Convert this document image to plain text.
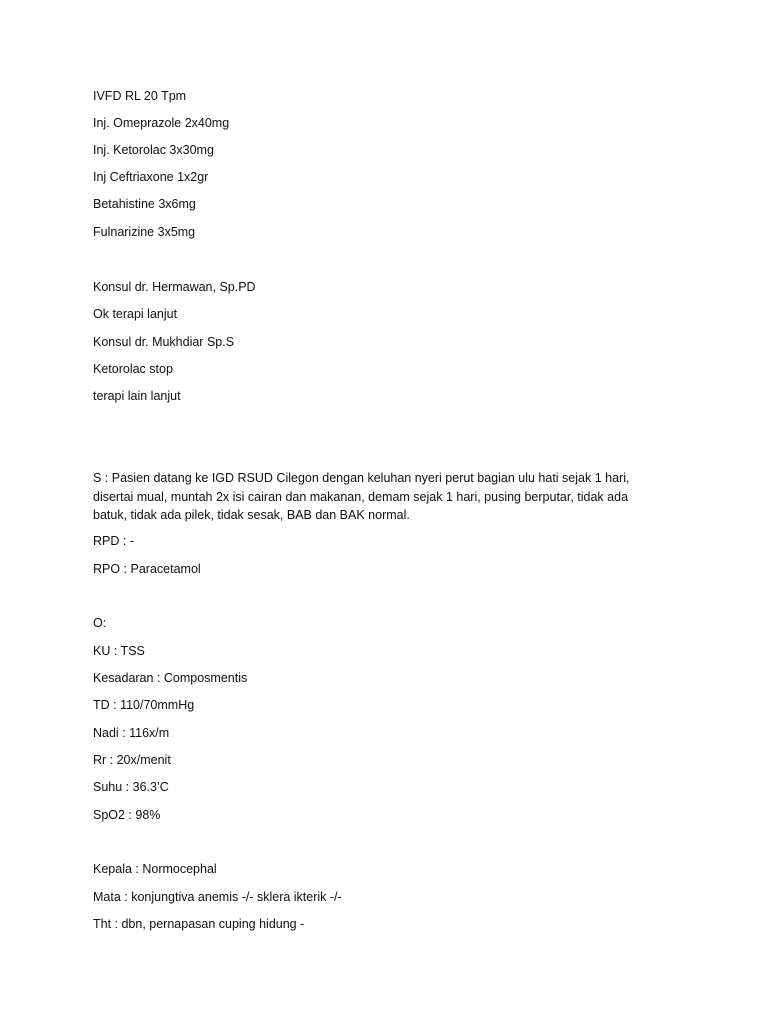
IVFD RL 20 Tpm
Inj. Omeprazole 2x40mg
Inj. Ketorolac 3x30mg
Inj Ceftriaxone 1x2gr
Betahistine 3x6mg
Fulnarizine 3x5mg
Konsul dr. Hermawan, Sp.PD
Ok terapi lanjut
Konsul dr. Mukhdiar Sp.S
Ketorolac stop
terapi lain lanjut
S : Pasien datang ke IGD RSUD Cilegon dengan keluhan nyeri perut bagian ulu hati sejak 1 hari, disertai mual, muntah 2x isi cairan dan makanan, demam sejak 1 hari, pusing berputar, tidak ada batuk, tidak ada pilek, tidak sesak, BAB dan BAK normal.
RPD : -
RPO : Paracetamol
O:
KU : TSS
Kesadaran : Composmentis
TD : 110/70mmHg
Nadi : 116x/m
Rr : 20x/menit
Suhu : 36.3’C
SpO2 : 98%
Kepala : Normocephal
Mata : konjungtiva anemis -/- sklera ikterik -/-
Tht : dbn, pernapasan cuping hidung -
